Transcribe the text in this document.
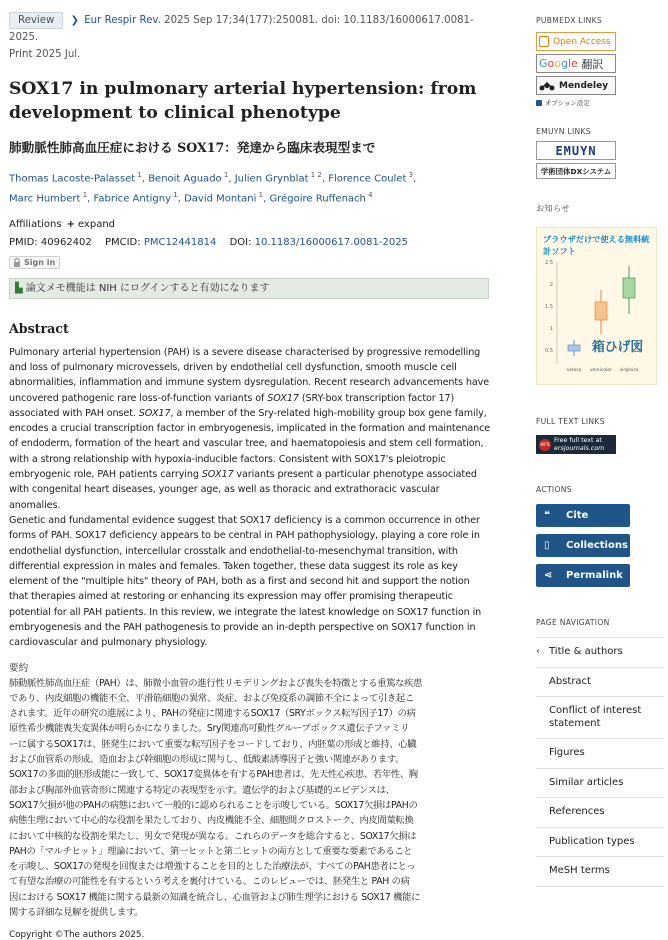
Review ❯ Eur Respir Rev. 2025 Sep 17;34(177):250081. doi: 10.1183/16000617.0081-2025.
Print 2025 Jul.
SOX17 in pulmonary arterial hypertension: from
development to clinical phenotype
肺動脈性肺高血圧症における SOX17：発達から臨床表現型まで
Thomas Lacoste-Palasset $^1$, Benoit Aguado $^1$, Julien Grynblat $^{1 2}$, Florence Coulet $^3$,
Marc Humbert $^1$, Fabrice Antigny $^1$, David Montani $^1$, Grégoire Ruffenach $^4$
Affiliations + expand
PMID: 40962402 PMCID: PMC12441814 DOI: 10.1183/16000617.0081-2025
Sign in
▙ 論文メモ機能は NIH にログインすると有効になります
Abstract
Pulmonary arterial hypertension (PAH) is a severe disease characterised by progressive remodelling
and loss of pulmonary microvessels, driven by endothelial cell dysfunction, smooth muscle cell
abnormalities, inflammation and immune system dysregulation. Recent research advancements have
uncovered pathogenic rare loss-of-function variants of SOX17 (SRY-box transcription factor 17)
associated with PAH onset. SOX17, a member of the Sry-related high-mobility group box gene family,
encodes a crucial transcription factor in embryogenesis, implicated in the formation and maintenance
of endoderm, formation of the heart and vascular tree, and haematopoiesis and stem cell formation,
with a strong relationship with hypoxia-inducible factors. Consistent with SOX17's pleiotropic
embryogenic role, PAH patients carrying SOX17 variants present a particular phenotype associated
with congenital heart diseases, younger age, as well as thoracic and extrathoracic vascular anomalies.
Genetic and fundamental evidence suggest that SOX17 deficiency is a common occurrence in other
forms of PAH. SOX17 deficiency appears to be central in PAH pathophysiology, playing a core role in
endothelial dysfunction, intercellular crosstalk and endothelial-to-mesenchymal transition, with
differential expression in males and females. Taken together, these data suggest its role as key
element of the "multiple hits" theory of PAH, both as a first and second hit and support the notion
that therapies aimed at restoring or enhancing its expression may offer promising therapeutic
potential for all PAH patients. In this review, we integrate the latest knowledge on SOX17 function in
embryogenesis and the PAH pathogenesis to provide an in-depth perspective on SOX17 function in
cardiovascular and pulmonary physiology.
要約
肺動脈性肺高血圧症（PAH）は、肺微小血管の進行性リモデリングおよび喪失を特徴とする重篤な疾患
であり、内皮細胞の機能不全、平滑筋細胞の異常、炎症、および免疫系の調節不全によって引き起こ
されます。近年の研究の進展により、PAHの発症に関連するSOX17（SRYボックス転写因子17）の病
原性希少機能喪失変異体が明らかになりました。Sry関連高可動性グループボックス遺伝子ファミリ
ーに属するSOX17は、胚発生において重要な転写因子をコードしており、内胚葉の形成と維持、心臓
および血管系の形成、造血および幹細胞の形成に関与し、低酸素誘導因子と強い関連があります。
SOX17の多面的胚形成能に一致して、SOX17変異体を有するPAH患者は、先天性心疾患、若年性、胸
部および胸部外血管奇形に関連する特定の表現型を示す。遺伝学的および基礎的エビデンスは、
SOX17欠損が他のPAHの病態において一般的に認められることを示唆している。SOX17欠損はPAHの
病態生理において中心的な役割を果たしており、内皮機能不全、細胞間クロストーク、内皮間葉転換
において中核的な役割を果たし、男女で発現が異なる。これらのデータを総合すると、SOX17欠損は
PAHの「マルチヒット」理論において、第一ヒットと第二ヒットの両方として重要な要素であること
を示唆し、SOX17の発現を回復または増強することを目的とした治療法が、すべてのPAH患者にとっ
て有望な治療の可能性を有するという考えを裏付けている。このレビューでは、胚発生と PAH の病
因における SOX17 機能に関する最新の知識を統合し、心血管および肺生理学における SOX17 機能に
関する詳細な見解を提供します。
Copyright ©The authors 2025.
PUBMEDX LINKS
Open Access
Google
翻訳
Mendeley
オプション設定
EMUYN LINKS
EMUYN
学術団体DXシステム
お知らせ
ブラウザだけで使える無料統計ソフト
2.5
2
1.5
1
0.5
setosa versicolor virginica
箱ひげ図
FULL TEXT LINKS
ers
Free full text at
ersjournals.com
ACTIONS
❝	Cite
▯	Collections
⋖	Permalink
PAGE NAVIGATION
‹ Title & authors
Abstract
Conflict of interest statement
Figures
Similar articles
References
Publication types
MeSH terms
